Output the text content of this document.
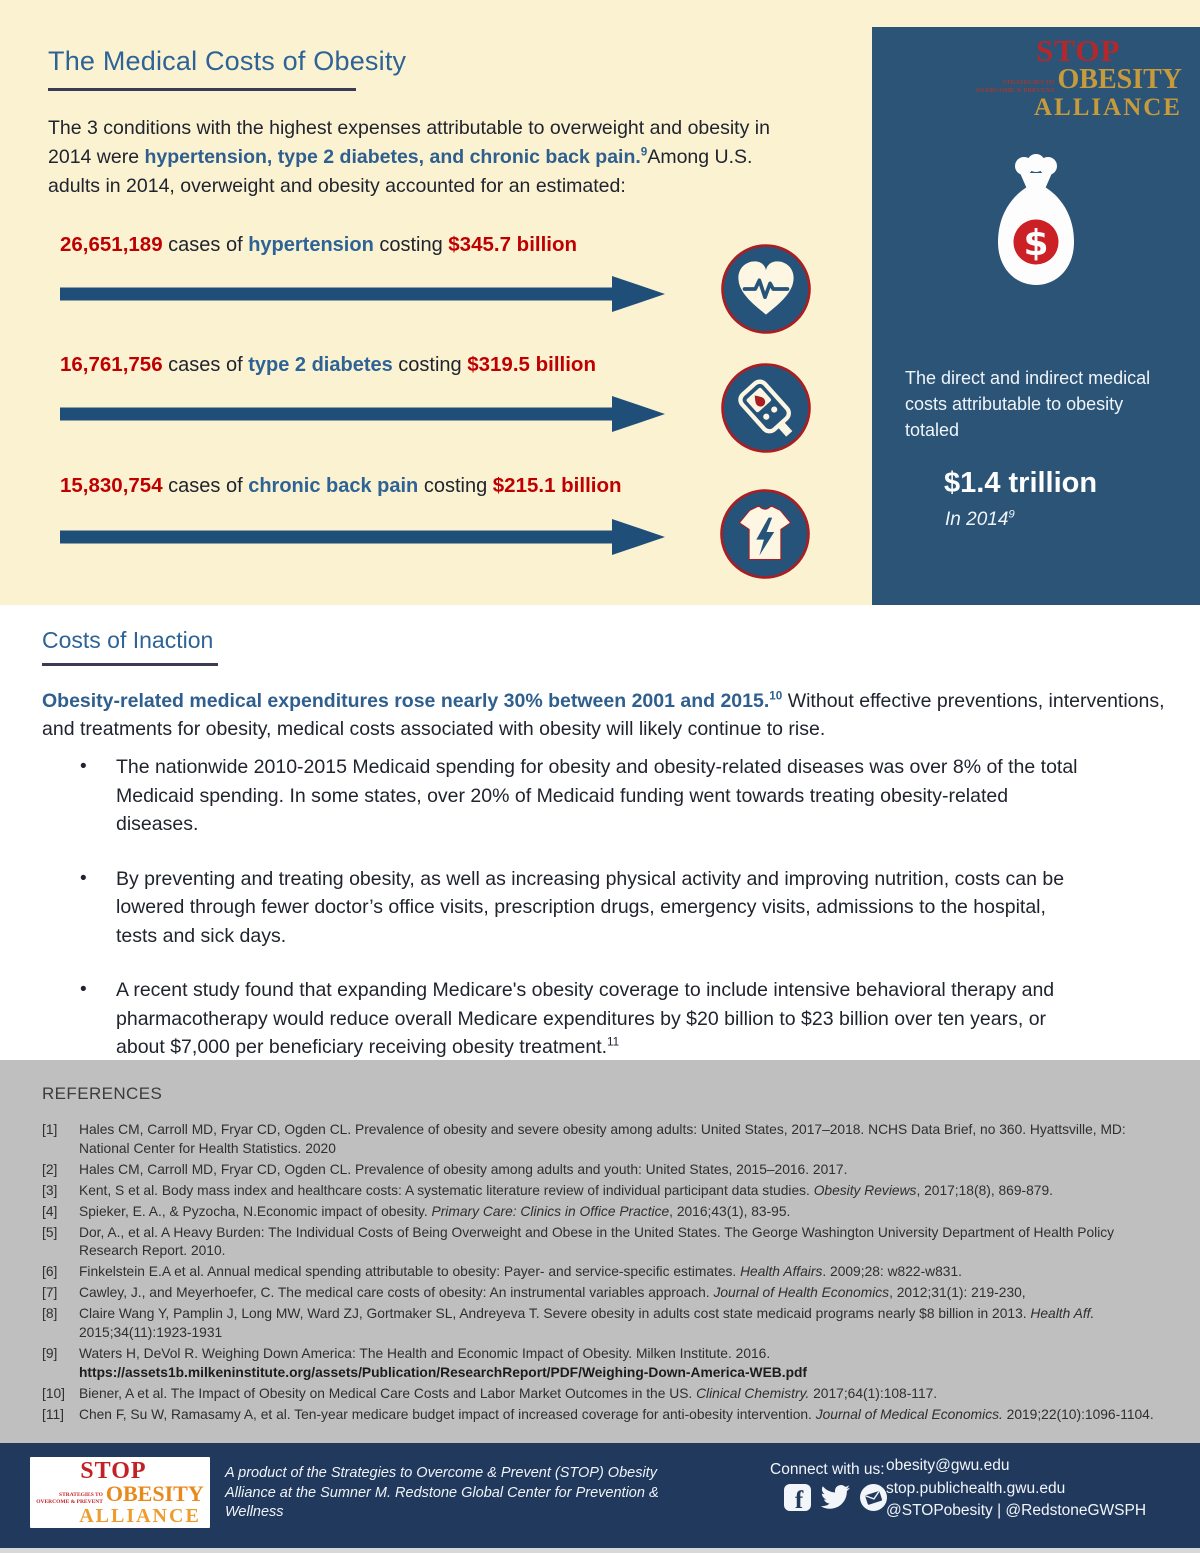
The Medical Costs of Obesity
The 3 conditions with the highest expenses attributable to overweight and obesity in 2014 were hypertension, type 2 diabetes, and chronic back pain.$^9$Among U.S. adults in 2014, overweight and obesity accounted for an estimated:
26,651,189 cases of hypertension costing $345.7 billion
16,761,756 cases of type 2 diabetes costing $319.5 billion
15,830,754 cases of chronic back pain costing $215.1 billion
STOP
STRATEGIES TO
OVERCOME & PREVENT OBESITY
ALLIANCE
$
The direct and indirect medical costs attributable to obesity totaled
$1.4 trillion
In 2014$^9$
Costs of Inaction
Obesity-related medical expenditures rose nearly 30% between 2001 and 2015.10 Without effective preventions, interventions, and treatments for obesity, medical costs associated with obesity will likely continue to rise.
• The nationwide 2010-2015 Medicaid spending for obesity and obesity-related diseases was over 8% of the total Medicaid spending. In some states, over 20% of Medicaid funding went towards treating obesity-related diseases.
• By preventing and treating obesity, as well as increasing physical activity and improving nutrition, costs can be lowered through fewer doctor’s office visits, prescription drugs, emergency visits, admissions to the hospital, tests and sick days.
• A recent study found that expanding Medicare's obesity coverage to include intensive behavioral therapy and pharmacotherapy would reduce overall Medicare expenditures by $20 billion to $23 billion over ten years, or about $7,000 per beneficiary receiving obesity treatment.$^{11}$
REFERENCES
[1]	Hales CM, Carroll MD, Fryar CD, Ogden CL. Prevalence of obesity and severe obesity among adults: United States, 2017–2018. NCHS Data Brief, no 360. Hyattsville, MD: National Center for Health Statistics. 2020
[2]	Hales CM, Carroll MD, Fryar CD, Ogden CL. Prevalence of obesity among adults and youth: United States, 2015–2016. 2017.
[3]	Kent, S et al. Body mass index and healthcare costs: A systematic literature review of individual participant data studies. Obesity Reviews, 2017;18(8), 869-879.
[4]	Spieker, E. A., & Pyzocha, N.Economic impact of obesity. Primary Care: Clinics in Office Practice, 2016;43(1), 83-95.
[5]	Dor, A., et al. A Heavy Burden: The Individual Costs of Being Overweight and Obese in the United States. The George Washington University Department of Health Policy Research Report. 2010.
[6]	Finkelstein E.A et al. Annual medical spending attributable to obesity: Payer- and service-specific estimates. Health Affairs. 2009;28: w822-w831.
[7]	Cawley, J., and Meyerhoefer, C. The medical care costs of obesity: An instrumental variables approach. Journal of Health Economics, 2012;31(1): 219-230,
[8]	Claire Wang Y, Pamplin J, Long MW, Ward ZJ, Gortmaker SL, Andreyeva T. Severe obesity in adults cost state medicaid programs nearly $8 billion in 2013. Health Aff. 2015;34(11):1923-1931
[9]	Waters H, DeVol R. Weighing Down America: The Health and Economic Impact of Obesity. Milken Institute. 2016.
https://assets1b.milkeninstitute.org/assets/Publication/ResearchReport/PDF/Weighing-Down-America-WEB.pdf
[10]	Biener, A et al. The Impact of Obesity on Medical Care Costs and Labor Market Outcomes in the US. Clinical Chemistry. 2017;64(1):108-117.
[11]	Chen F, Su W, Ramasamy A, et al. Ten-year medicare budget impact of increased coverage for anti-obesity intervention. Journal of Medical Economics. 2019;22(10):1096-1104.
STOP
STRATEGIES TO
OVERCOME & PREVENT OBESITY
ALLIANCE
A product of the Strategies to Overcome & Prevent (STOP) Obesity Alliance at the Sumner M. Redstone Global Center for Prevention & Wellness
Connect with us:
f
obesity@gwu.edu
stop.publichealth.gwu.edu
@STOPobesity | @RedstoneGWSPH
